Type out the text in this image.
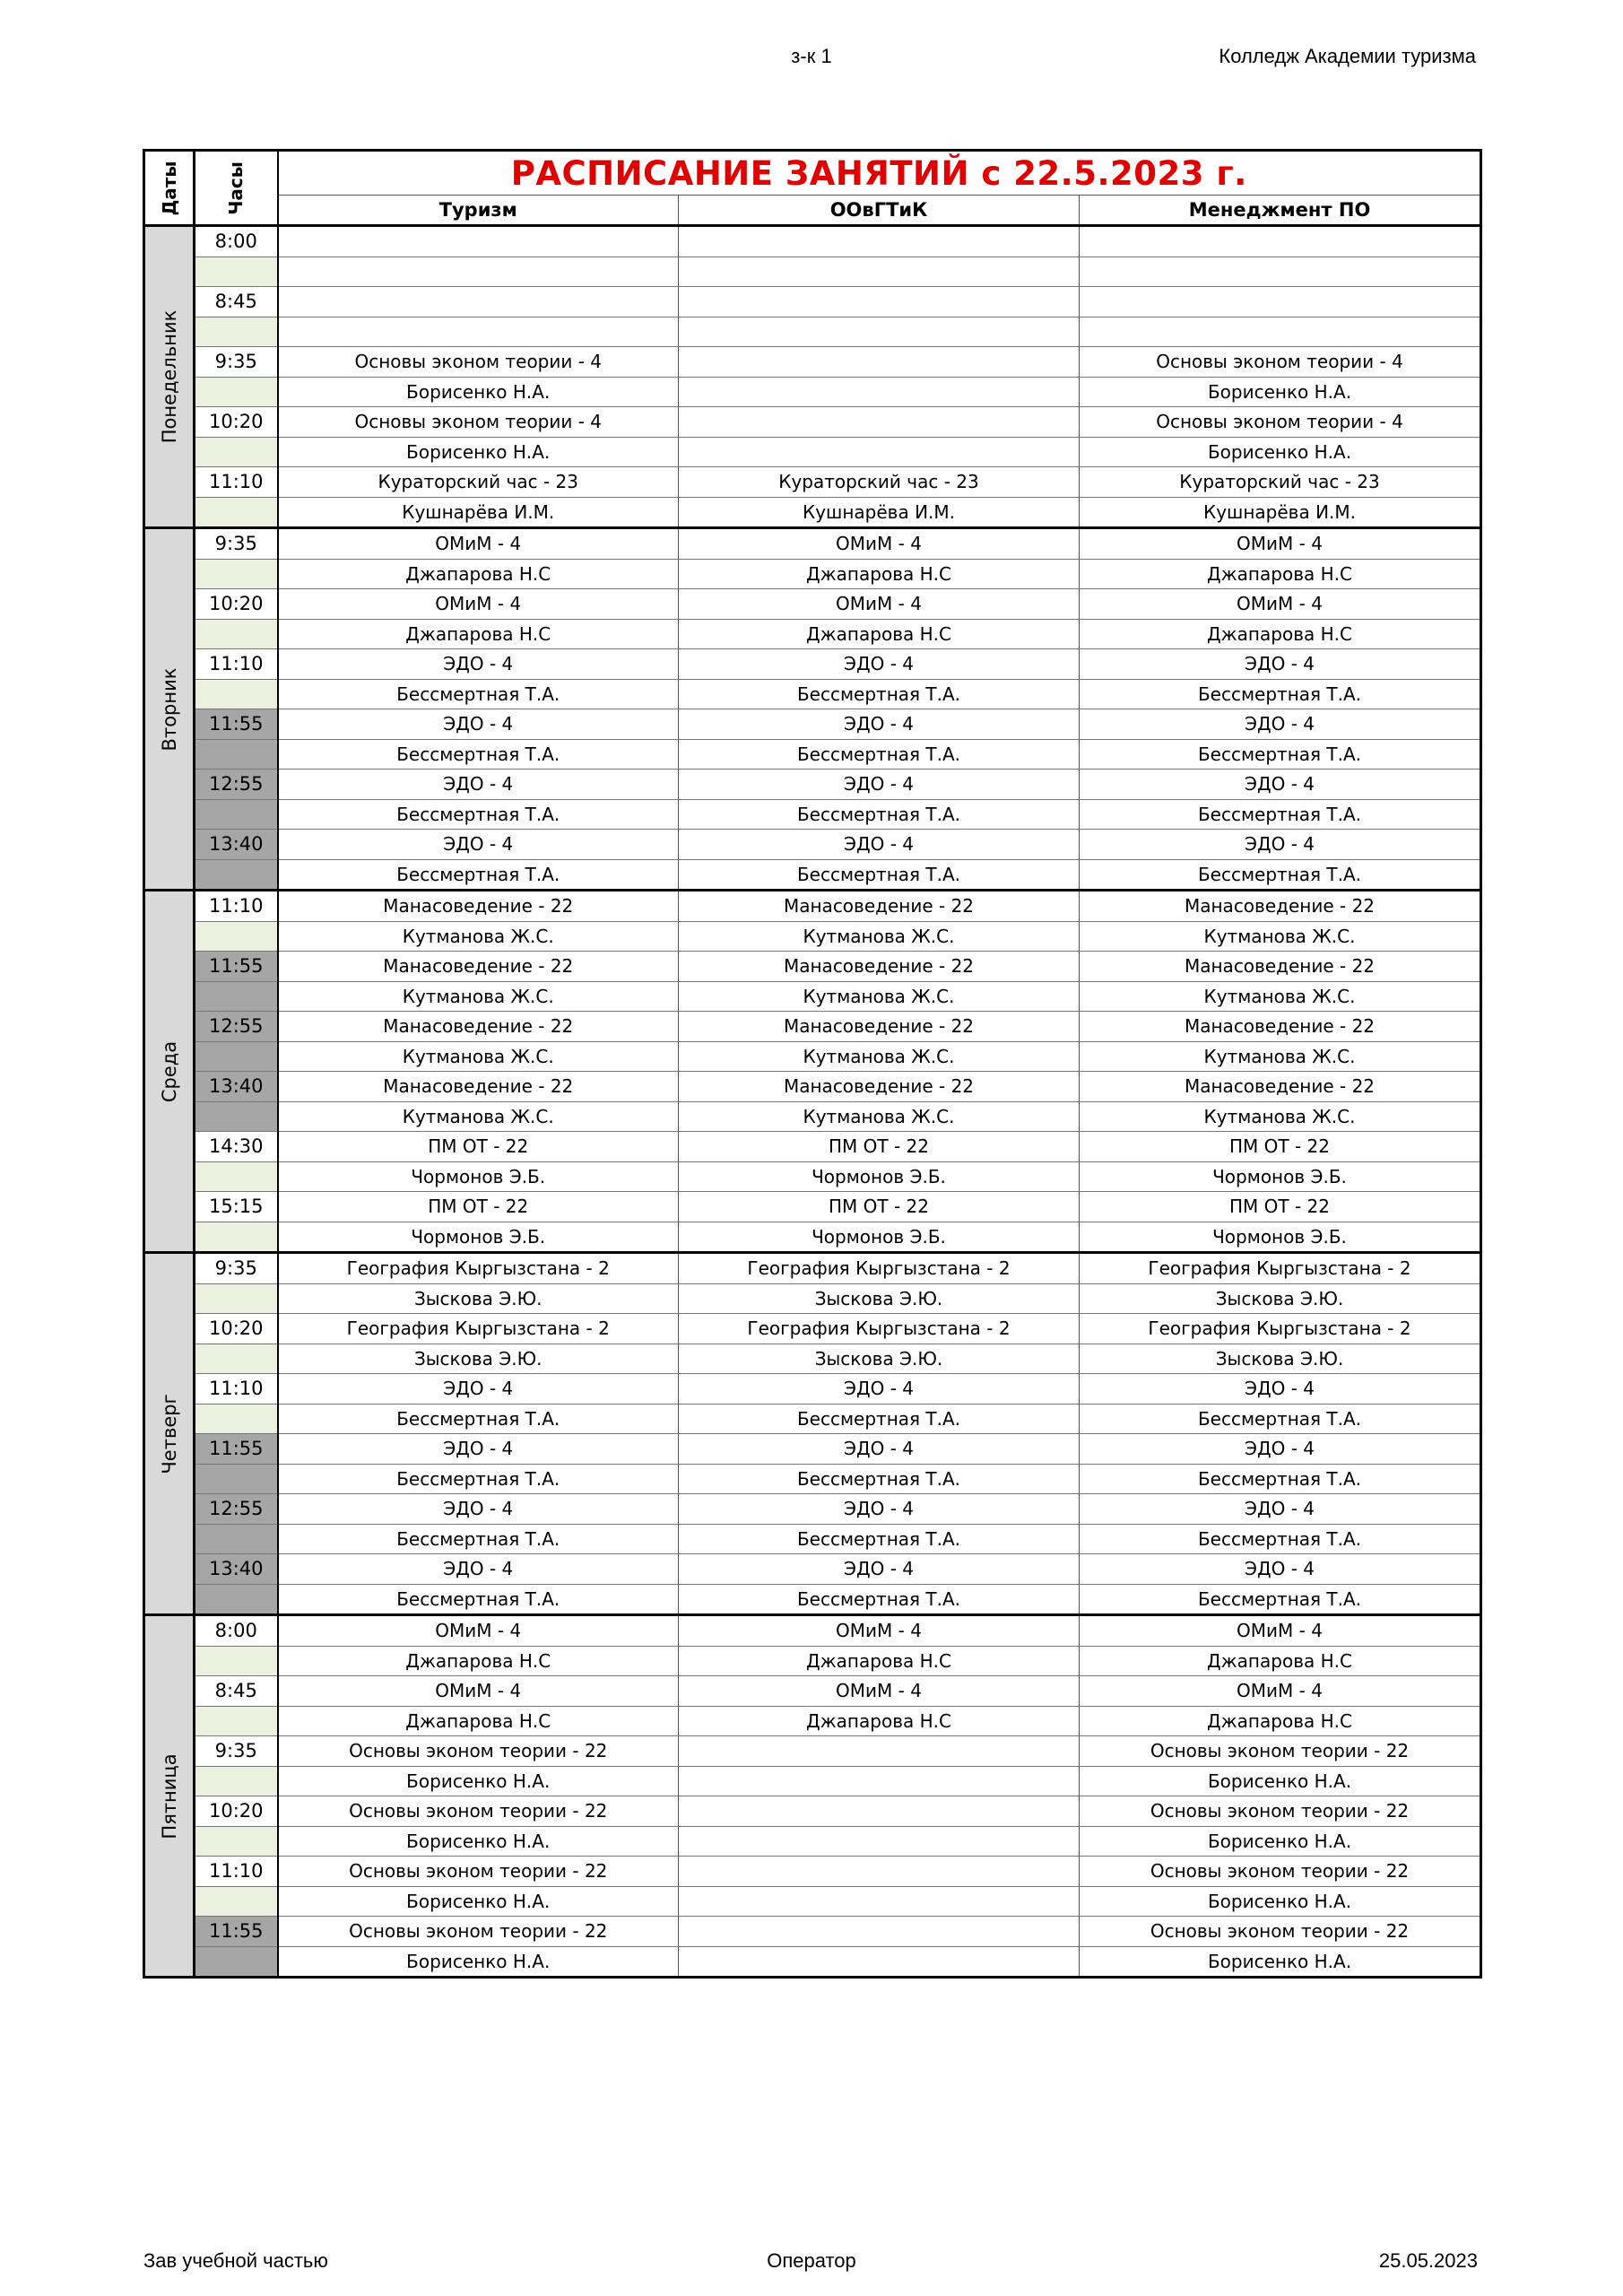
з-к 1	Колледж Академии туризма
Даты	Часы	РАСПИСАНИЕ ЗАНЯТИЙ с 22.5.2023 г.		
		Туризм	ООвГТиК	Менеджмент ПО

Понедельник	8:00			

	8:45			

	9:35	Основы эконом теории - 4		Основы эконом теории - 4
		Борисенко Н.А.		Борисенко Н.А.
	10:20	Основы эконом теории - 4		Основы эконом теории - 4
		Борисенко Н.А.		Борисенко Н.А.
	11:10	Кураторский час - 23	Кураторский час - 23	Кураторский час - 23
		Кушнарёва И.М.	Кушнарёва И.М.	Кушнарёва И.М.

Вторник	9:35	ОМиМ - 4	ОМиМ - 4	ОМиМ - 4
		Джапарова Н.С	Джапарова Н.С	Джапарова Н.С
	10:20	ОМиМ - 4	ОМиМ - 4	ОМиМ - 4
		Джапарова Н.С	Джапарова Н.С	Джапарова Н.С
	11:10	ЭДО - 4	ЭДО - 4	ЭДО - 4
		Бессмертная Т.А.	Бессмертная Т.А.	Бессмертная Т.А.
	11:55	ЭДО - 4	ЭДО - 4	ЭДО - 4
		Бессмертная Т.А.	Бессмертная Т.А.	Бессмертная Т.А.
	12:55	ЭДО - 4	ЭДО - 4	ЭДО - 4
		Бессмертная Т.А.	Бессмертная Т.А.	Бессмертная Т.А.
	13:40	ЭДО - 4	ЭДО - 4	ЭДО - 4
		Бессмертная Т.А.	Бессмертная Т.А.	Бессмертная Т.А.

Среда	11:10	Манасоведение - 22	Манасоведение - 22	Манасоведение - 22
		Кутманова Ж.С.	Кутманова Ж.С.	Кутманова Ж.С.
	11:55	Манасоведение - 22	Манасоведение - 22	Манасоведение - 22
		Кутманова Ж.С.	Кутманова Ж.С.	Кутманова Ж.С.
	12:55	Манасоведение - 22	Манасоведение - 22	Манасоведение - 22
		Кутманова Ж.С.	Кутманова Ж.С.	Кутманова Ж.С.
	13:40	Манасоведение - 22	Манасоведение - 22	Манасоведение - 22
		Кутманова Ж.С.	Кутманова Ж.С.	Кутманова Ж.С.
	14:30	ПМ ОТ - 22	ПМ ОТ - 22	ПМ ОТ - 22
		Чормонов Э.Б.	Чормонов Э.Б.	Чормонов Э.Б.
	15:15	ПМ ОТ - 22	ПМ ОТ - 22	ПМ ОТ - 22
		Чормонов Э.Б.	Чормонов Э.Б.	Чормонов Э.Б.

Четверг	9:35	География Кыргызстана - 2	География Кыргызстана - 2	География Кыргызстана - 2
		Зыскова Э.Ю.	Зыскова Э.Ю.	Зыскова Э.Ю.
	10:20	География Кыргызстана - 2	География Кыргызстана - 2	География Кыргызстана - 2
		Зыскова Э.Ю.	Зыскова Э.Ю.	Зыскова Э.Ю.
	11:10	ЭДО - 4	ЭДО - 4	ЭДО - 4
		Бессмертная Т.А.	Бессмертная Т.А.	Бессмертная Т.А.
	11:55	ЭДО - 4	ЭДО - 4	ЭДО - 4
		Бессмертная Т.А.	Бессмертная Т.А.	Бессмертная Т.А.
	12:55	ЭДО - 4	ЭДО - 4	ЭДО - 4
		Бессмертная Т.А.	Бессмертная Т.А.	Бессмертная Т.А.
	13:40	ЭДО - 4	ЭДО - 4	ЭДО - 4
		Бессмертная Т.А.	Бессмертная Т.А.	Бессмертная Т.А.

Пятница	8:00	ОМиМ - 4	ОМиМ - 4	ОМиМ - 4
		Джапарова Н.С	Джапарова Н.С	Джапарова Н.С
	8:45	ОМиМ - 4	ОМиМ - 4	ОМиМ - 4
		Джапарова Н.С	Джапарова Н.С	Джапарова Н.С
	9:35	Основы эконом теории - 22		Основы эконом теории - 22
		Борисенко Н.А.		Борисенко Н.А.
	10:20	Основы эконом теории - 22		Основы эконом теории - 22
		Борисенко Н.А.		Борисенко Н.А.
	11:10	Основы эконом теории - 22		Основы эконом теории - 22
		Борисенко Н.А.		Борисенко Н.А.
	11:55	Основы эконом теории - 22		Основы эконом теории - 22
		Борисенко Н.А.		Борисенко Н.А.
Зав учебной частью	Оператор	25.05.2023
